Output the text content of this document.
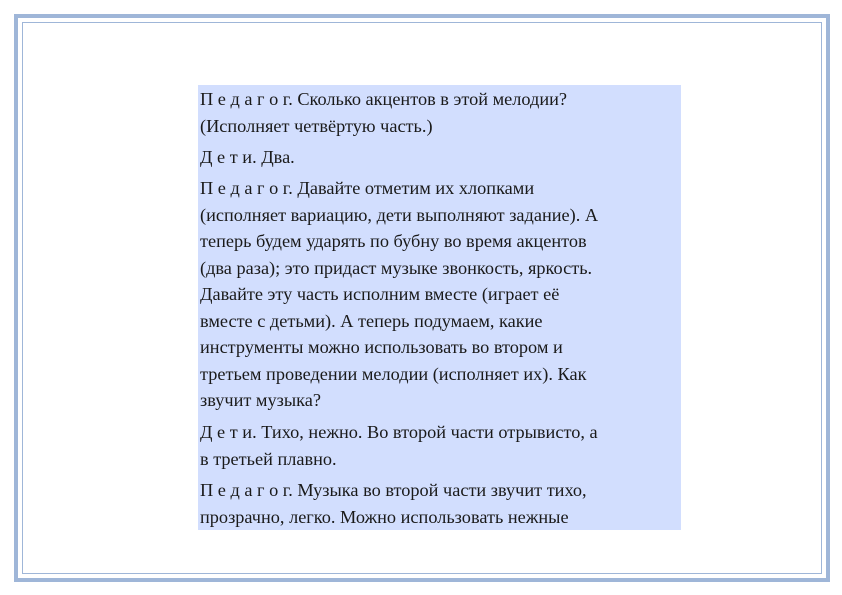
П е д а г о г. Сколько акцентов в этой мелодии?
(Исполняет четвёртую часть.)

Д е т и. Два.

П е д а г о г. Давайте отметим их хлопками
(исполняет вариацию, дети выполняют задание). А
теперь будем ударять по бубну во время акцентов
(два раза); это придаст музыке звонкость, яркость.
Давайте эту часть исполним вместе (играет её
вместе с детьми). А теперь подумаем, какие
инструменты можно использовать во втором и
третьем проведении мелодии (исполняет их). Как
звучит музыка?

Д е т и. Тихо, нежно. Во второй части отрывисто, а
в третьей плавно.

П е д а г о г. Музыка во второй части звучит тихо,
прозрачно, легко. Можно использовать нежные
